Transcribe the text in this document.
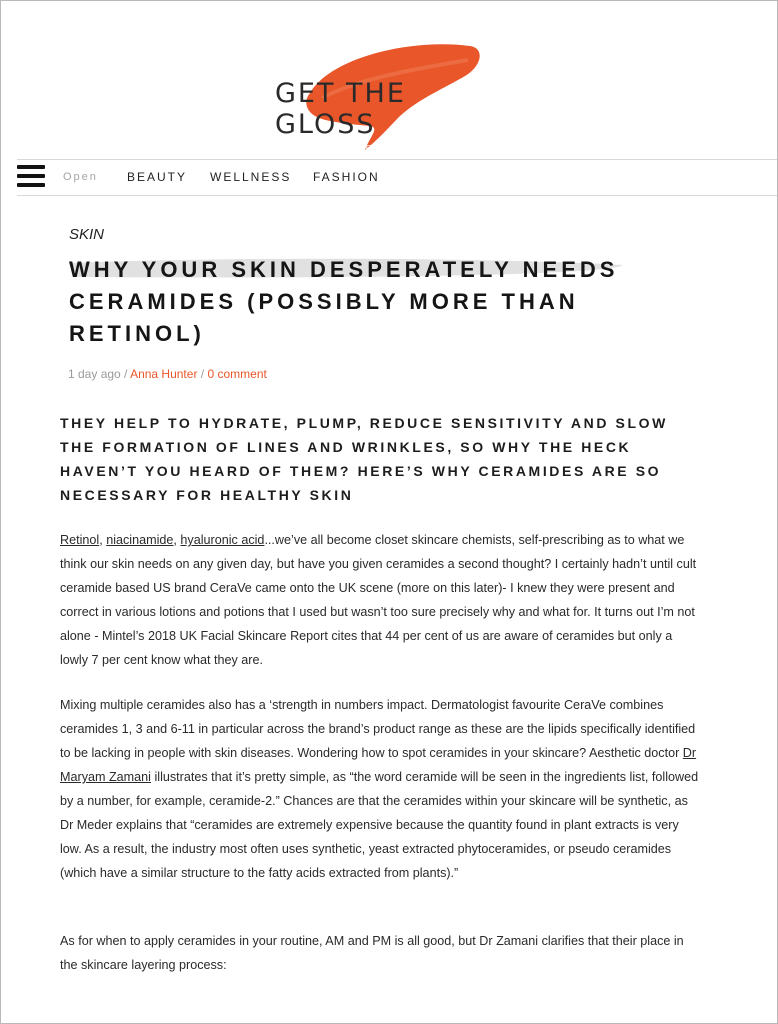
GET THE GLOSS
EXPERT HEALTH AND BEAUTY
Open BEAUTY WELLNESS FASHION
SKIN
WHY YOUR SKIN DESPERATELY NEEDS CERAMIDES (POSSIBLY MORE THAN RETINOL)
1 day ago / Anna Hunter / 0 comment

THEY HELP TO HYDRATE, PLUMP, REDUCE SENSITIVITY AND SLOW THE FORMATION OF LINES AND WRINKLES, SO WHY THE HECK HAVEN’T YOU HEARD OF THEM? HERE’S WHY CERAMIDES ARE SO NECESSARY FOR HEALTHY SKIN

Retinol, niacinamide, hyaluronic acid...we’ve all become closet skincare chemists, self-prescribing as to what we think our skin needs on any given day, but have you given ceramides a second thought? I certainly hadn’t until cult ceramide based US brand CeraVe came onto the UK scene (more on this later)- I knew they were present and correct in various lotions and potions that I used but wasn’t too sure precisely why and what for. It turns out I’m not alone - Mintel’s 2018 UK Facial Skincare Report cites that 44 per cent of us are aware of ceramides but only a lowly 7 per cent know what they are.

Mixing multiple ceramides also has a ‘strength in numbers impact. Dermatologist favourite CeraVe combines ceramides 1, 3 and 6-11 in particular across the brand’s product range as these are the lipids specifically identified to be lacking in people with skin diseases. Wondering how to spot ceramides in your skincare? Aesthetic doctor Dr Maryam Zamani illustrates that it’s pretty simple, as “the word ceramide will be seen in the ingredients list, followed by a number, for example, ceramide-2.” Chances are that the ceramides within your skincare will be synthetic, as Dr Meder explains that “ceramides are extremely expensive because the quantity found in plant extracts is very low. As a result, the industry most often uses synthetic, yeast extracted phytoceramides, or pseudo ceramides (which have a similar structure to the fatty acids extracted from plants).”

As for when to apply ceramides in your routine, AM and PM is all good, but Dr Zamani clarifies that their place in the skincare layering process:
